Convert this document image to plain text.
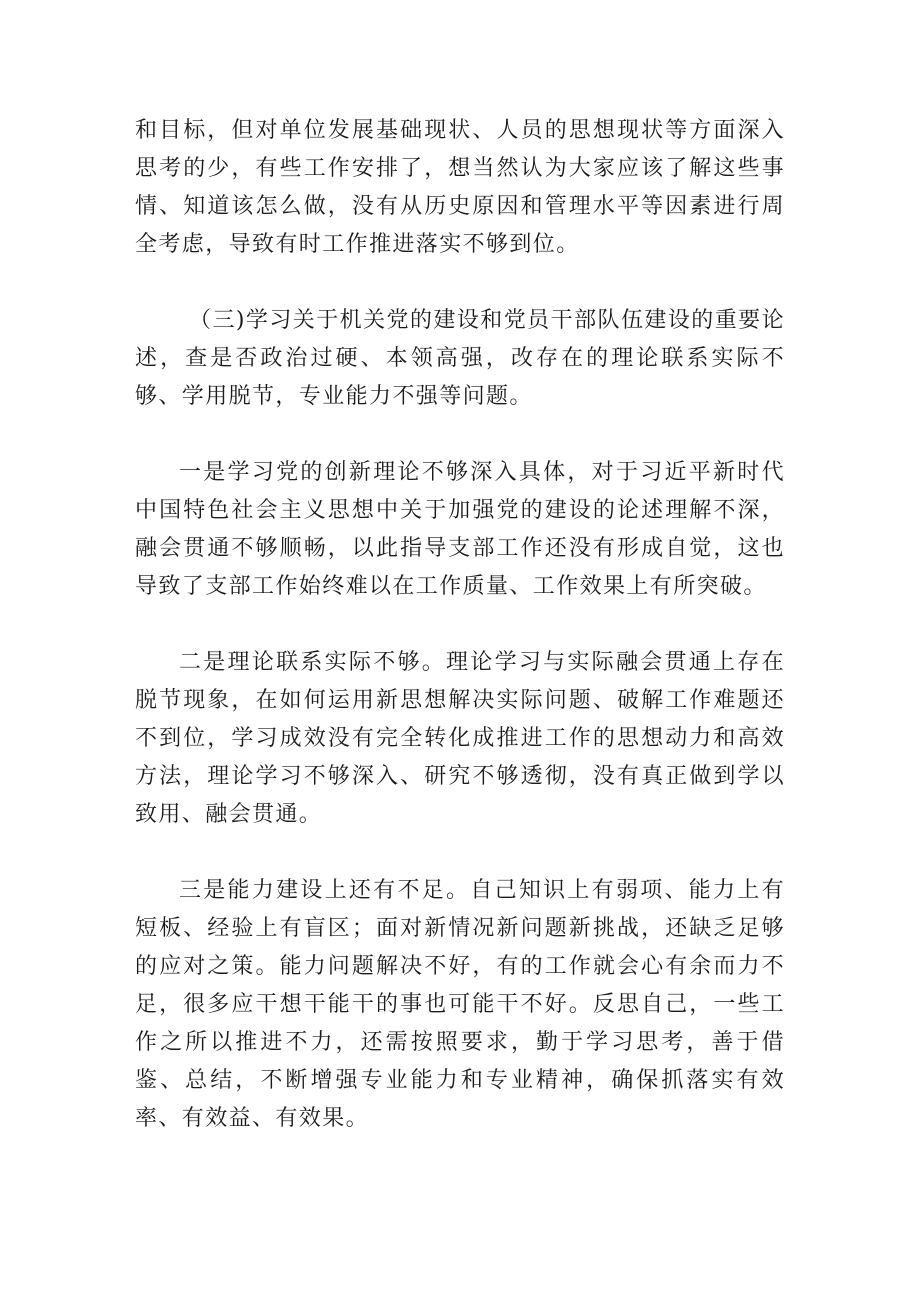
和目标，但对单位发展基础现状、人员的思想现状等方面深入思考的少，有些工作安排了，想当然认为大家应该了解这些事情、知道该怎么做，没有从历史原因和管理水平等因素进行周全考虑，导致有时工作推进落实不够到位。

（三)学习关于机关党的建设和党员干部队伍建设的重要论述，查是否政治过硬、本领高强，改存在的理论联系实际不够、学用脱节，专业能力不强等问题。

一是学习党的创新理论不够深入具体，对于习近平新时代中国特色社会主义思想中关于加强党的建设的论述理解不深，融会贯通不够顺畅，以此指导支部工作还没有形成自觉，这也导致了支部工作始终难以在工作质量、工作效果上有所突破。

二是理论联系实际不够。理论学习与实际融会贯通上存在脱节现象，在如何运用新思想解决实际问题、破解工作难题还不到位，学习成效没有完全转化成推进工作的思想动力和高效方法，理论学习不够深入、研究不够透彻，没有真正做到学以致用、融会贯通。

三是能力建设上还有不足。自己知识上有弱项、能力上有短板、经验上有盲区；面对新情况新问题新挑战，还缺乏足够的应对之策。能力问题解决不好，有的工作就会心有余而力不足，很多应干想干能干的事也可能干不好。反思自己，一些工作之所以推进不力，还需按照要求，勤于学习思考，善于借鉴、总结，不断增强专业能力和专业精神，确保抓落实有效率、有效益、有效果。
